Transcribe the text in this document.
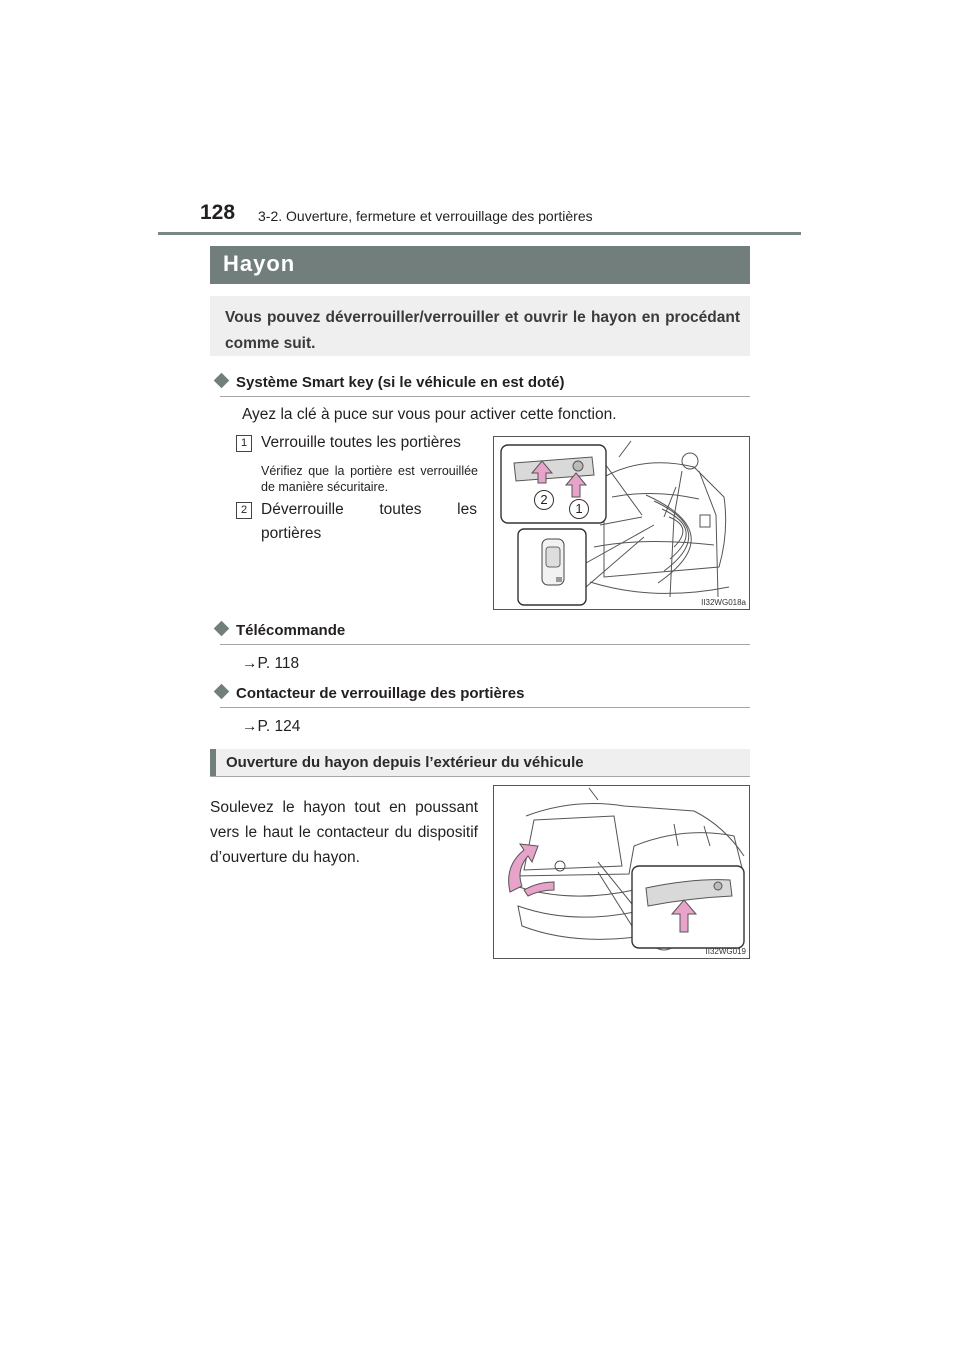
128 3-2. Ouverture, fermeture et verrouillage des portières
Hayon

Vous pouvez déverrouiller/verrouiller et ouvrir le hayon en procédant comme suit.

Système Smart key (si le véhicule en est doté)
Ayez la clé à puce sur vous pour activer cette fonction.
1 Verrouille toutes les portières
Vérifiez que la portière est verrouillée de manière sécuritaire.
2 Déverrouille toutes les portières
2
1
II32WG018a
Télécommande
→P. 118
Contacteur de verrouillage des portières
→P. 124
Ouverture du hayon depuis l’extérieur du véhicule
Soulevez le hayon tout en poussant vers le haut le contacteur du dispositif d’ouverture du hayon.
II32WG019
